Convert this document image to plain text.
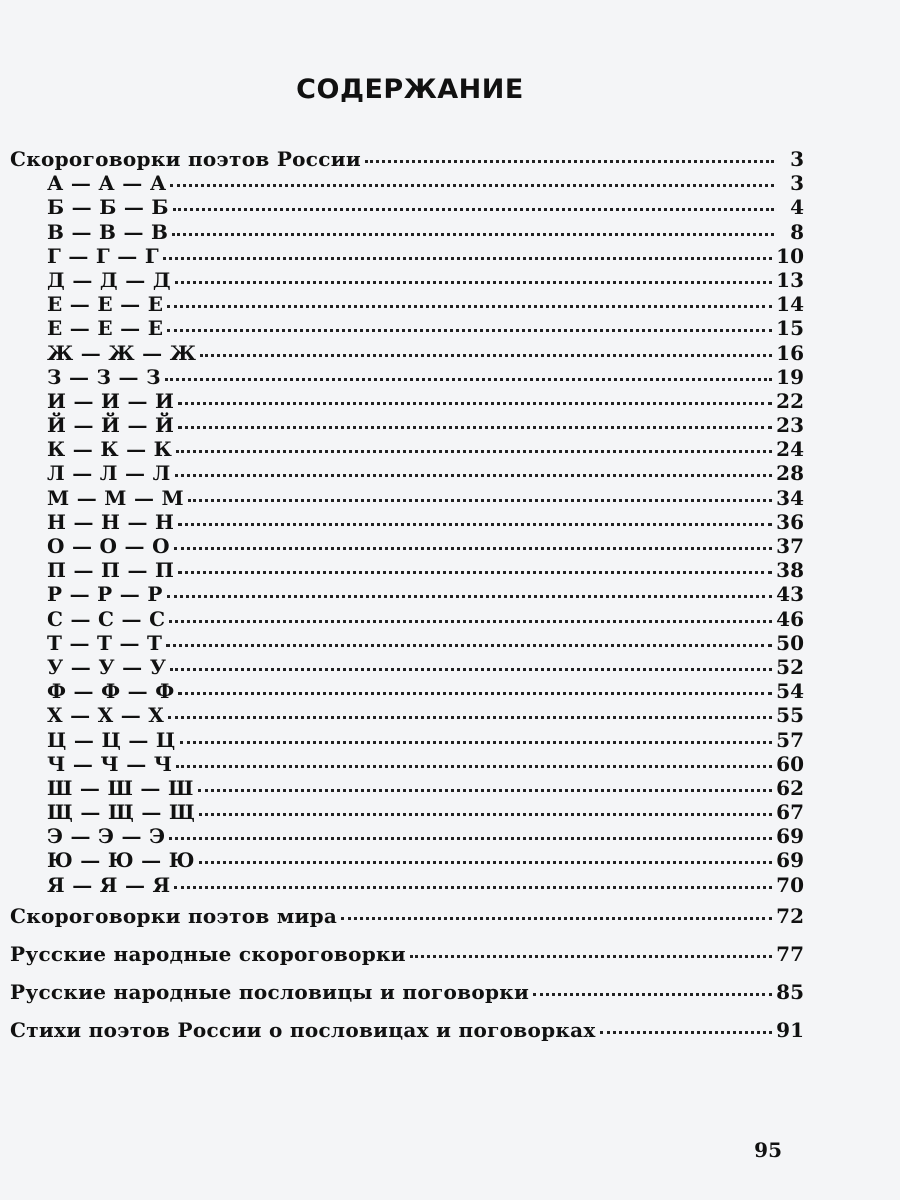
СОДЕРЖАНИЕ
Скороговорки поэтов России	3
А — А — А	3
Б — Б — Б	4
В — В — В	8
Г — Г — Г	10
Д — Д — Д	13
Е — Е — Е	14
Е — Е — Е	15
Ж — Ж — Ж	16
З — З — З	19
И — И — И	22
Й — Й — Й	23
К — К — К	24
Л — Л — Л	28
М — М — М	34
Н — Н — Н	36
О — О — О	37
П — П — П	38
Р — Р — Р	43
С — С — С	46
Т — Т — Т	50
У — У — У	52
Ф — Ф — Ф	54
Х — Х — Х	55
Ц — Ц — Ц	57
Ч — Ч — Ч	60
Ш — Ш — Ш	62
Щ — Щ — Щ	67
Э — Э — Э	69
Ю — Ю — Ю	69
Я — Я — Я	70
Скороговорки поэтов мира	72
Русские народные скороговорки	77
Русские народные пословицы и поговорки	85
Стихи поэтов России о пословицах и поговорках	91
95
